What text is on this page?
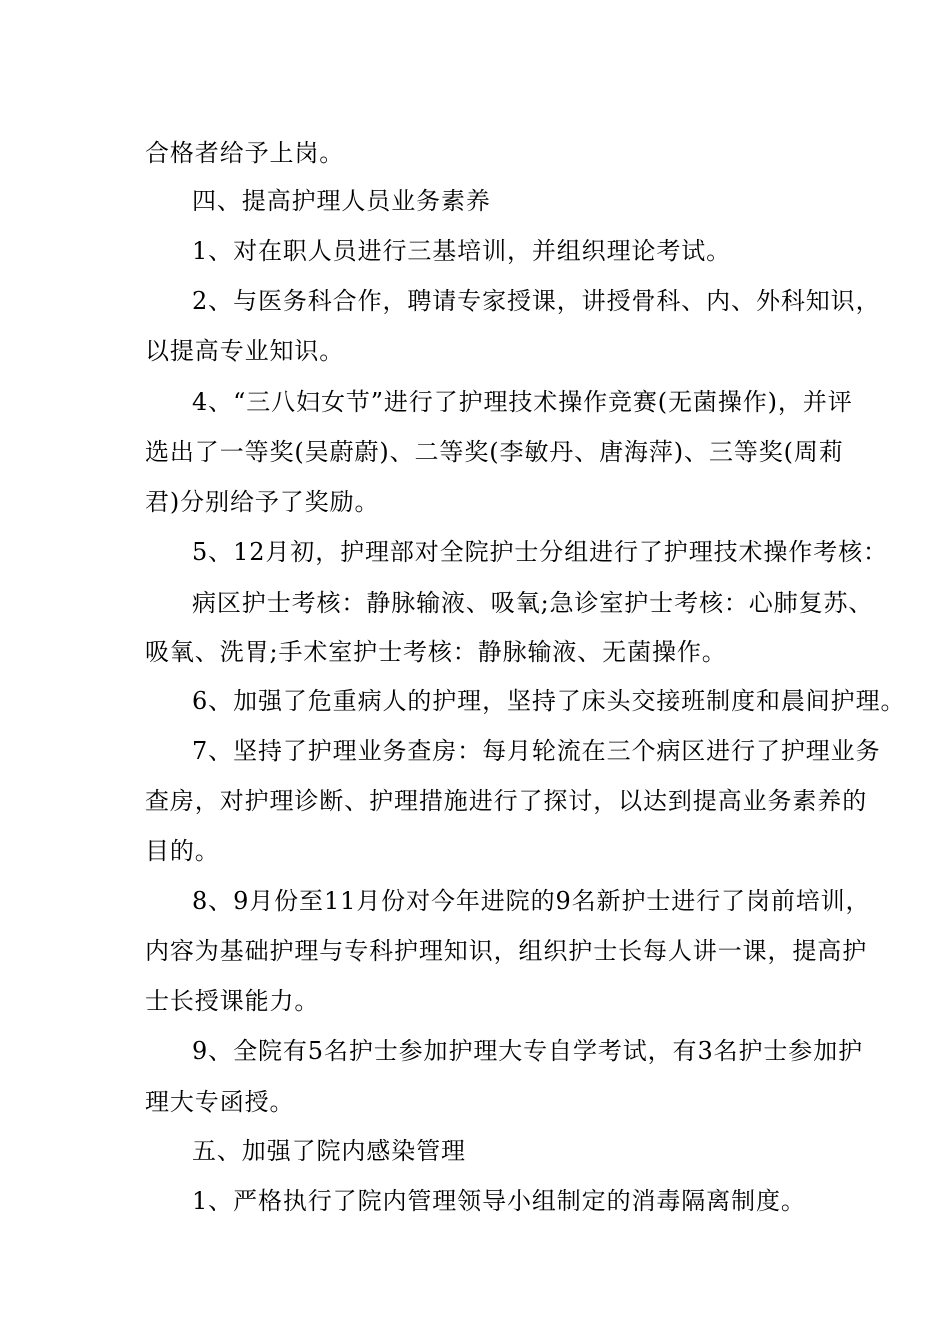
合格者给予上岗。
四、提高护理人员业务素养
1、对在职人员进行三基培训，并组织理论考试。
2、与医务科合作，聘请专家授课，讲授骨科、内、外科知识，
以提高专业知识。
4、“三八妇女节”进行了护理技术操作竞赛(无菌操作)，并评
选出了一等奖(吴蔚蔚)、二等奖(李敏丹、唐海萍)、三等奖(周莉
君)分别给予了奖励。
5、12月初，护理部对全院护士分组进行了护理技术操作考核：
病区护士考核：静脉输液、吸氧;急诊室护士考核：心肺复苏、
吸氧、洗胃;手术室护士考核：静脉输液、无菌操作。
6、加强了危重病人的护理，坚持了床头交接班制度和晨间护理。
7、坚持了护理业务查房：每月轮流在三个病区进行了护理业务
查房，对护理诊断、护理措施进行了探讨，以达到提高业务素养的
目的。
8、9月份至11月份对今年进院的9名新护士进行了岗前培训，
内容为基础护理与专科护理知识，组织护士长每人讲一课，提高护
士长授课能力。
9、全院有5名护士参加护理大专自学考试，有3名护士参加护
理大专函授。
五、加强了院内感染管理
1、严格执行了院内管理领导小组制定的消毒隔离制度。
